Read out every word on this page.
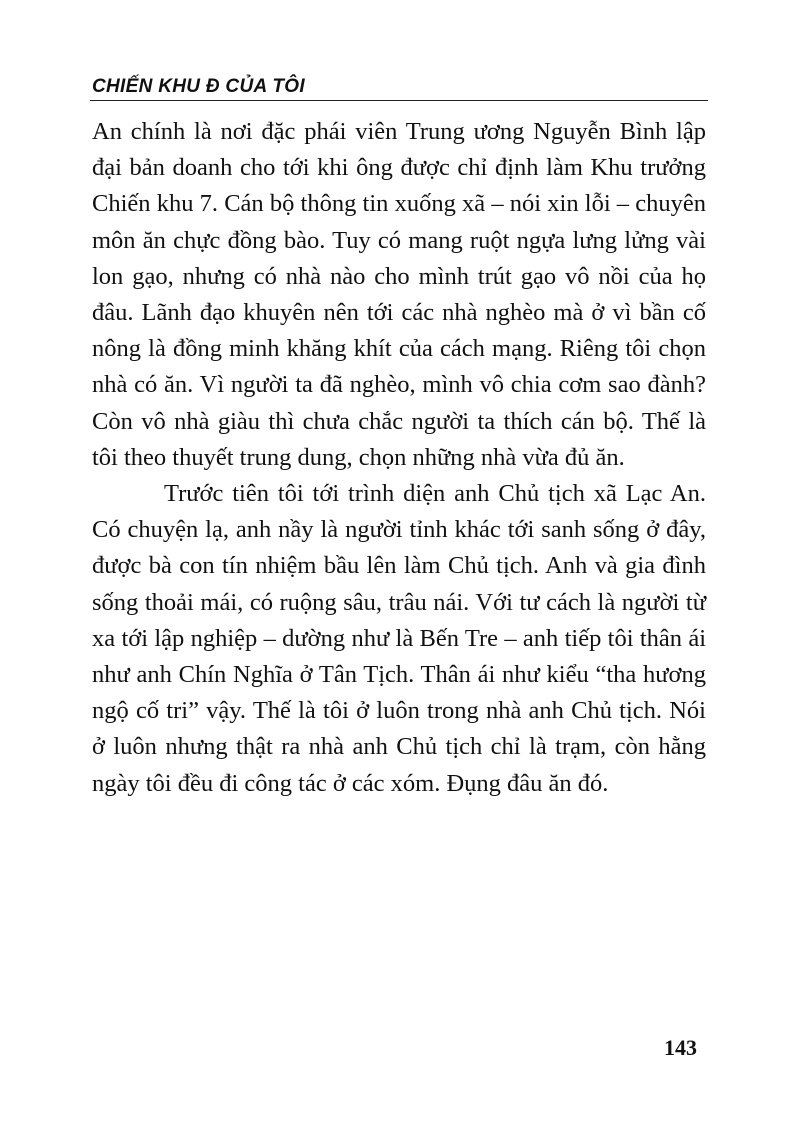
CHIẾN KHU Đ CỦA TÔI

An chính là nơi đặc phái viên Trung ương Nguyễn Bình lập đại bản doanh cho tới khi ông được chỉ định làm Khu trưởng Chiến khu 7. Cán bộ thông tin xuống xã – nói xin lỗi – chuyên môn ăn chực đồng bào. Tuy có mang ruột ngựa lưng lửng vài lon gạo, nhưng có nhà nào cho mình trút gạo vô nồi của họ đâu. Lãnh đạo khuyên nên tới các nhà nghèo mà ở vì bần cố nông là đồng minh khăng khít của cách mạng. Riêng tôi chọn nhà có ăn. Vì người ta đã nghèo, mình vô chia cơm sao đành? Còn vô nhà giàu thì chưa chắc người ta thích cán bộ. Thế là tôi theo thuyết trung dung, chọn những nhà vừa đủ ăn.

Trước tiên tôi tới trình diện anh Chủ tịch xã Lạc An. Có chuyện lạ, anh nầy là người tỉnh khác tới sanh sống ở đây, được bà con tín nhiệm bầu lên làm Chủ tịch. Anh và gia đình sống thoải mái, có ruộng sâu, trâu nái. Với tư cách là người từ xa tới lập nghiệp – dường như là Bến Tre – anh tiếp tôi thân ái như anh Chín Nghĩa ở Tân Tịch. Thân ái như kiểu “tha hương ngộ cố tri” vậy. Thế là tôi ở luôn trong nhà anh Chủ tịch. Nói ở luôn nhưng thật ra nhà anh Chủ tịch chỉ là trạm, còn hằng ngày tôi đều đi công tác ở các xóm. Đụng đâu ăn đó.

143
